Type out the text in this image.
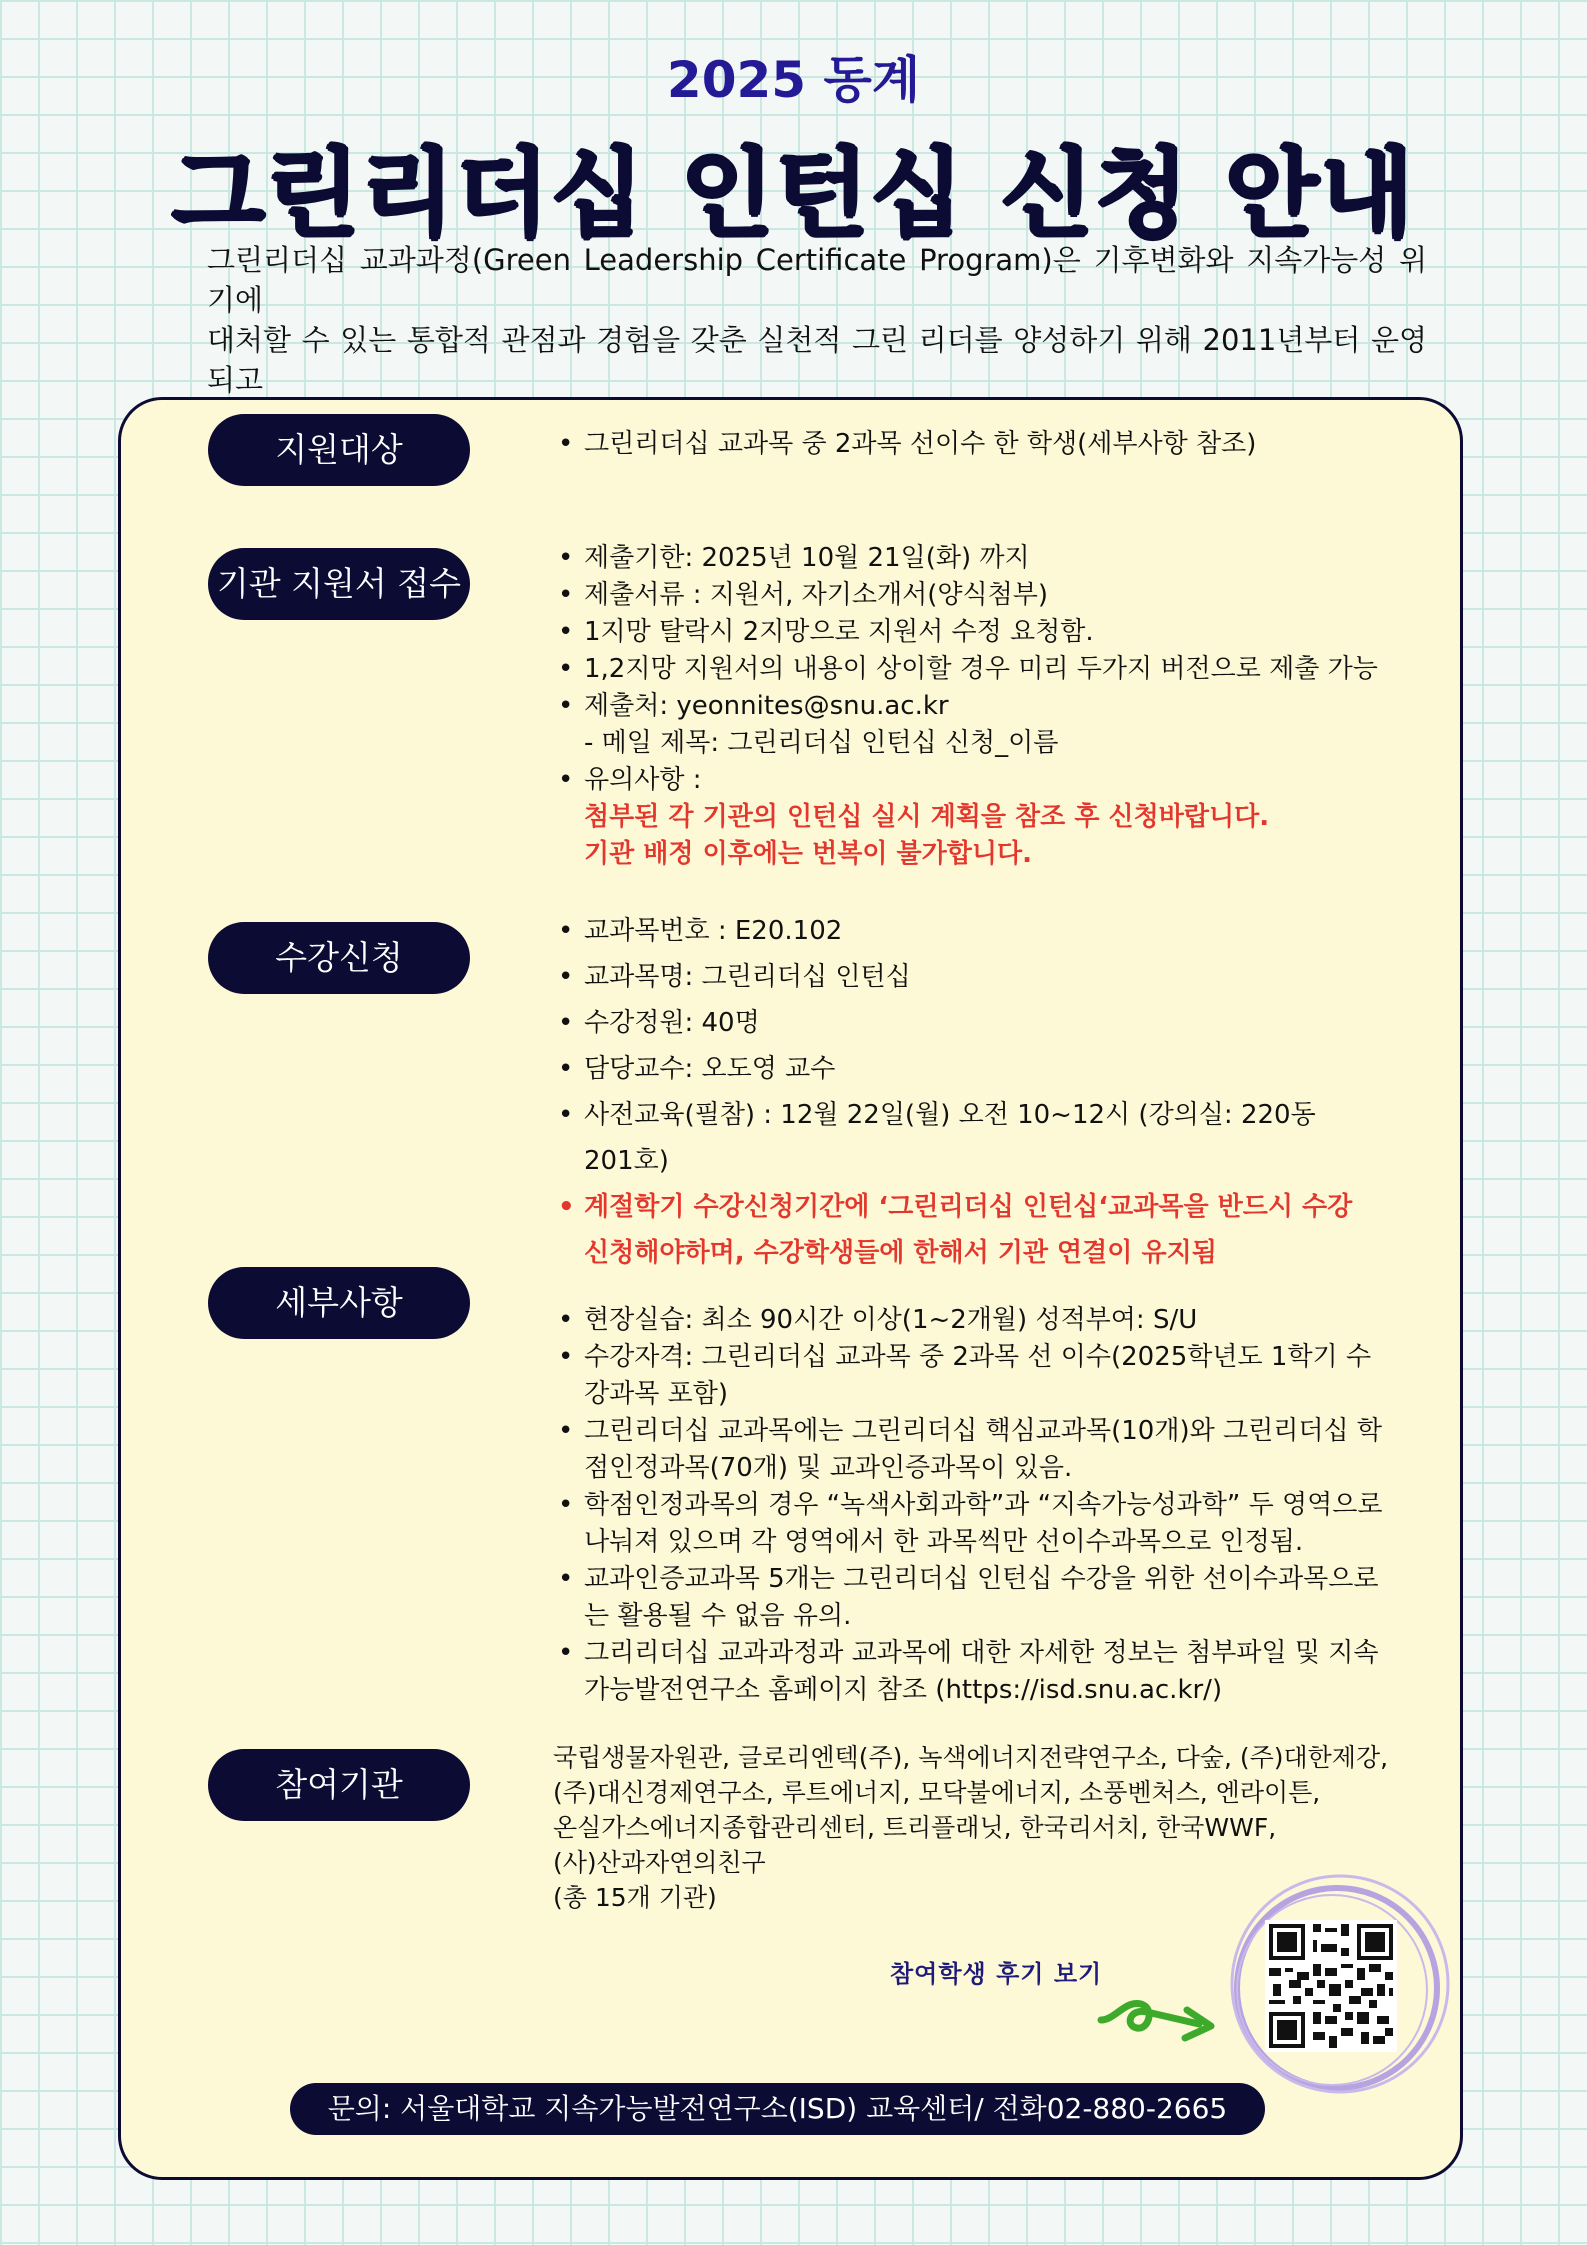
2025 동계
그린리더십 인턴십 신청 안내
그린리더십 교과과정(Green Leadership Certificate Program)은 기후변화와 지속가능성 위기에
대처할 수 있는 통합적 관점과 경험을 갖춘 실천적 그린 리더를 양성하기 위해 2011년부터 운영되고
지원대상	• 그린리더십 교과목 중 2과목 선이수 한 학생(세부사항 참조)
기관 지원서 접수
• 제출기한: 2025년 10월 21일(화) 까지
• 제출서류 : 지원서, 자기소개서(양식첨부)
• 1지망 탈락시 2지망으로 지원서 수정 요청함.
• 1,2지망 지원서의 내용이 상이할 경우 미리 두가지 버전으로 제출 가능
• 제출처: yeonnites@snu.ac.kr
- 메일 제목: 그린리더십 인턴십 신청_이름
• 유의사항 :
첨부된 각 기관의 인턴십 실시 계획을 참조 후 신청바랍니다.
기관 배정 이후에는 번복이 불가합니다.
수강신청
• 교과목번호 : E20.102
• 교과목명: 그린리더십 인턴십
• 수강정원: 40명
• 담당교수: 오도영 교수
• 사전교육(필참) : 12월 22일(월) 오전 10~12시 (강의실: 220동 201호)
• 계절학기 수강신청기간에 ‘그린리더십 인턴십‘교과목을 반드시 수강신청해야하며, 수강학생들에 한해서 기관 연결이 유지됨
세부사항	• 현장실습: 최소 90시간 이상(1~2개월) 성적부여: S/U
• 수강자격: 그린리더십 교과목 중 2과목 선 이수(2025학년도 1학기 수강과목 포함)
• 그린리더십 교과목에는 그린리더십 핵심교과목(10개)와 그린리더십 학점인정과목(70개) 및 교과인증과목이 있음.
• 학점인정과목의 경우 “녹색사회과학”과 “지속가능성과학” 두 영역으로 나눠져 있으며 각 영역에서 한 과목씩만 선이수과목으로 인정됨.
• 교과인증교과목 5개는 그린리더십 인턴십 수강을 위한 선이수과목으로는 활용될 수 없음 유의.
• 그리리더십 교과과정과 교과목에 대한 자세한 정보는 첨부파일 및 지속가능발전연구소 홈페이지 참조 (https://isd.snu.ac.kr/)
참여기관
국립생물자원관, 글로리엔텍(주), 녹색에너지전략연구소, 다숲, (주)대한제강,
(주)대신경제연구소, 루트에너지, 모닥불에너지, 소풍벤처스, 엔라이튼,
온실가스에너지종합관리센터, 트리플래닛, 한국리서치, 한국WWF,
(사)산과자연의친구
(총 15개 기관)
참여학생 후기 보기
문의: 서울대학교 지속가능발전연구소(ISD) 교육센터/ 전화02-880-2665
